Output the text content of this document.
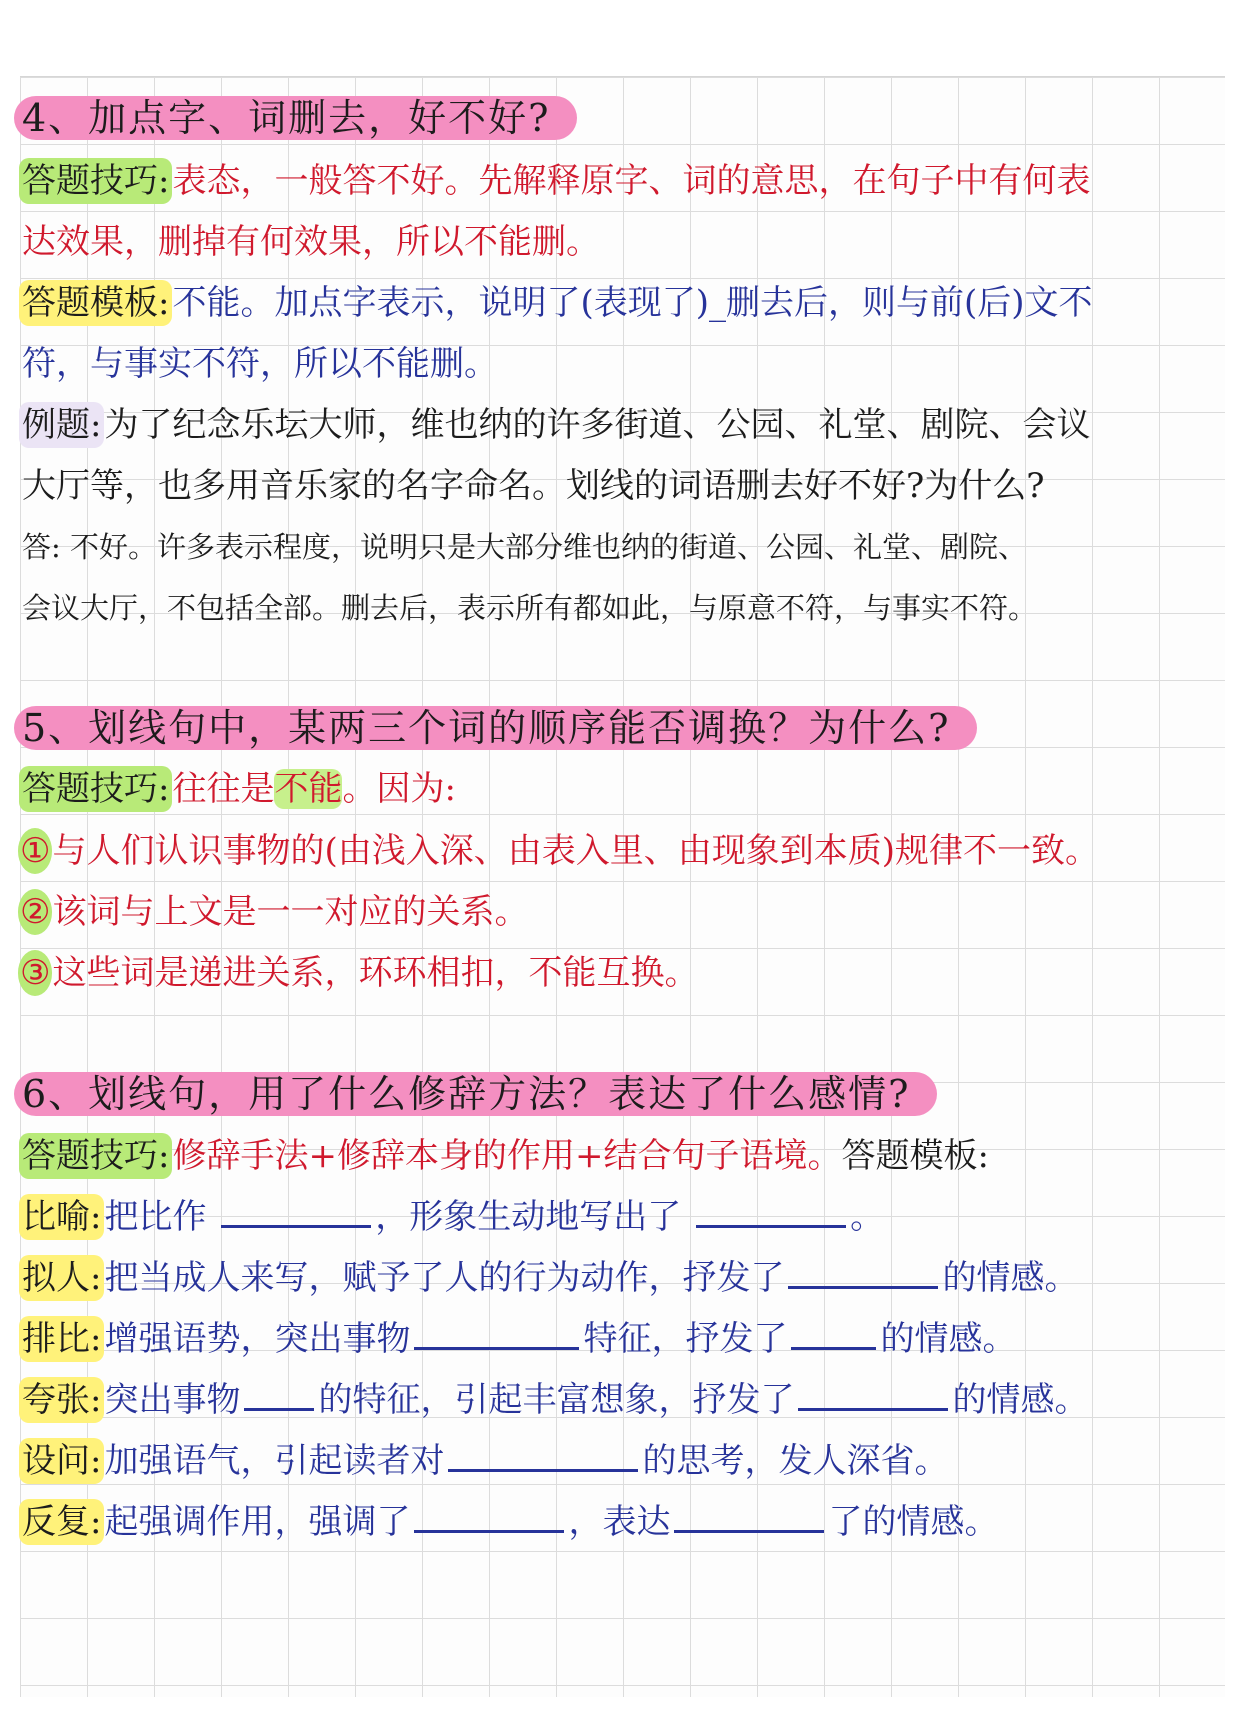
4、加点字、词删去，好不好?
答题技巧:表态，一般答不好。先解释原字、词的意思，在句子中有何表
达效果，删掉有何效果，所以不能删。
答题模板:不能。加点字表示，说明了(表现了)_删去后，则与前(后)文不
符，与事实不符，所以不能删。
例题:为了纪念乐坛大师，维也纳的许多街道、公园、礼堂、剧院、会议
大厅等，也多用音乐家的名字命名。划线的词语删去好不好?为什么?
答: 不好。许多表示程度，说明只是大部分维也纳的街道、公园、礼堂、剧院、
会议大厅，不包括全部。删去后，表示所有都如此，与原意不符，与事实不符。
5、划线句中，某两三个词的顺序能否调换？为什么?
答题技巧:往往是不能。因为:
①与人们认识事物的(由浅入深、由表入里、由现象到本质)规律不一致。
②该词与上文是一一对应的关系。
③这些词是递进关系，环环相扣，不能互换。
6、划线句，用了什么修辞方法？表达了什么感情?
答题技巧:修辞手法+修辞本身的作用+结合句子语境。答题模板:
比喻:把比作	，形象生动地写出了	。
拟人:把当成人来写，赋予了人的行为动作，抒发了	的情感。
排比:增强语势，突出事物	特征，抒发了	的情感。
夸张:突出事物 的特征，引起丰富想象，抒发了	的情感。
设问:加强语气，引起读者对	的思考，发人深省。
反复:起强调作用，强调了	，表达	了的情感。
